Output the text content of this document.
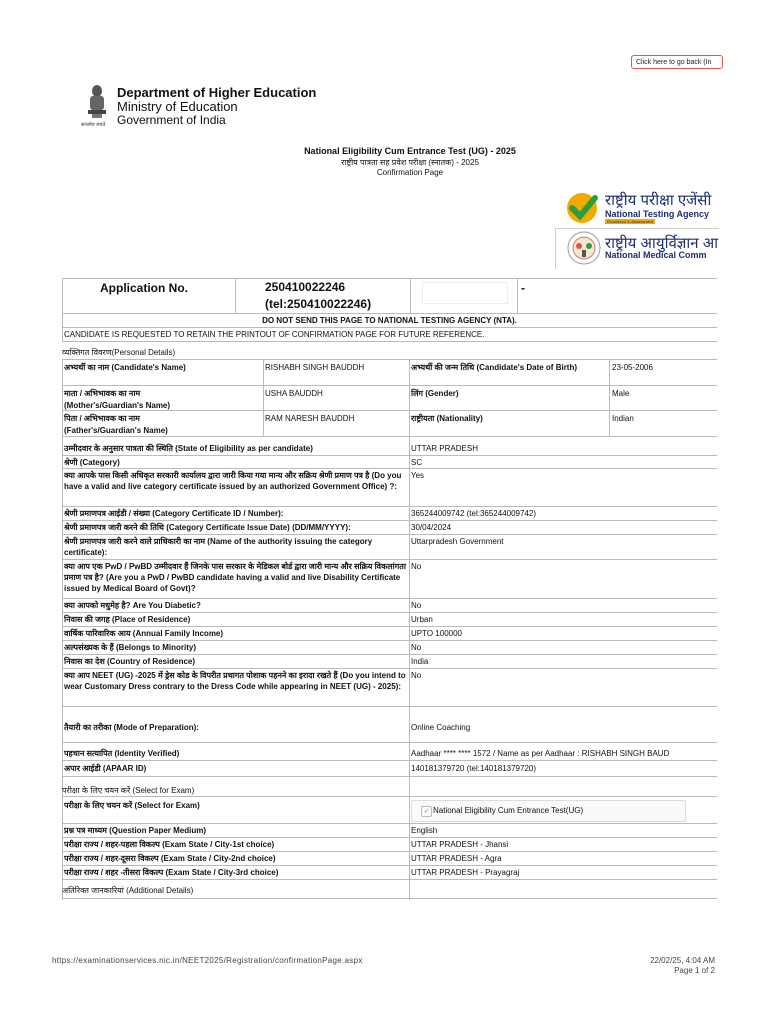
Click here to go back (In
सत्यमेव जयते
Department of Higher Education
Ministry of Education
Government of India
National Eligibility Cum Entrance Test (UG) - 2025
राष्ट्रीय पात्रता सह प्रवेश परीक्षा (स्नातक) - 2025
Confirmation Page
राष्ट्रीय परीक्षा एजेंसी
National Testing Agency
Excellence in Assessment
राष्ट्रीय आयुर्विज्ञान आ
National Medical Comm
Application No.	250410022246
(tel:250410022246)
-
DO NOT SEND THIS PAGE TO NATIONAL TESTING AGENCY (NTA).
CANDIDATE IS REQUESTED TO RETAIN THE PRINTOUT OF CONFIRMATION PAGE FOR FUTURE REFERENCE.
व्यक्तिगत विवरण(Personal Details)
अभ्यर्थी का नाम (Candidate's Name)	RISHABH SINGH BAUDDH	अभ्यर्थी की जन्म तिथि (Candidate's Date of Birth)	23-05-2006
माता / अभिभावक का नाम
(Mother's/Guardian's Name)
USHA BAUDDH	लिंग (Gender)	Male
पिता / अभिभावक का नाम
(Father's/Guardian's Name)
RAM NARESH BAUDDH	राष्ट्रीयता (Nationality)	Indian
उम्मीदवार के अनुसार पात्रता की स्थिति (State of Eligibility as per candidate)	UTTAR PRADESH
श्रेणी (Category)	SC
क्या आपके पास किसी अधिकृत सरकारी कार्यालय द्वारा जारी किया गया मान्य और सक्रिय श्रेणी प्रमाण पत्र है (Do you have a valid and live category certificate issued by an authorized Government Office) ?:
Yes
श्रेणी प्रमाणपत्र आईडी / संख्या (Category Certificate ID / Number):	365244009742 (tel:365244009742)
श्रेणी प्रमाणपत्र जारी करने की तिथि (Category Certificate Issue Date) (DD/MM/YYYY):	30/04/2024
श्रेणी प्रमाणपत्र जारी करने वाले प्राधिकारी का नाम (Name of the authority issuing the category certificate):
Uttarpradesh Government
क्या आप एक PwD / PwBD उम्मीदवार हैं जिनके पास सरकार के मेडिकल बोर्ड द्वारा जारी मान्य और सक्रिय विकलांगता प्रमाण पत्र है? (Are you a PwD / PwBD candidate having a valid and live Disability Certificate issued by Medical Board of Govt)?
No
क्या आपको मधुमेह है? Are You Diabetic?	No
निवास की जगह (Place of Residence)	Urban
वार्षिक पारिवारिक आय (Annual Family Income)	UPTO 100000
अल्पसंख्यक के हैं (Belongs to Minority)	No
निवास का देश (Country of Residence)	India
क्या आप NEET (UG) -2025 में ड्रेस कोड के विपरीत प्रथागत पोशाक पहनने का इरादा रखते हैं (Do you intend to wear Customary Dress contrary to the Dress Code while appearing in NEET (UG) - 2025):
No
तैयारी का तरीका (Mode of Preparation):	Online Coaching
पहचान सत्यापित (Identity Verified)	Aadhaar **** **** 1572 / Name as per Aadhaar : RISHABH SINGH BAUD
अपार आईडी (APAAR ID)	140181379720 (tel:140181379720)
परीक्षा के लिए चयन करें (Select for Exam)
परीक्षा के लिए चयन करें (Select for Exam)
✓ National Eligibility Cum Entrance Test(UG)
प्रश्न पत्र माध्यम (Question Paper Medium)	English
परीक्षा राज्य / शहर-पहला विकल्प (Exam State / City-1st choice)	UTTAR PRADESH - Jhansi
परीक्षा राज्य / शहर-दूसरा विकल्प (Exam State / City-2nd choice)	UTTAR PRADESH - Agra
परीक्षा राज्य / शहर -तीसरा विकल्प (Exam State / City-3rd choice)	UTTAR PRADESH - Prayagraj
अतिरिक्त जानकारियां (Additional Details)
https://examinationservices.nic.in/NEET2025/Registration/confirmationPage.aspx	22/02/25, 4:04 AM
Page 1 of 2
